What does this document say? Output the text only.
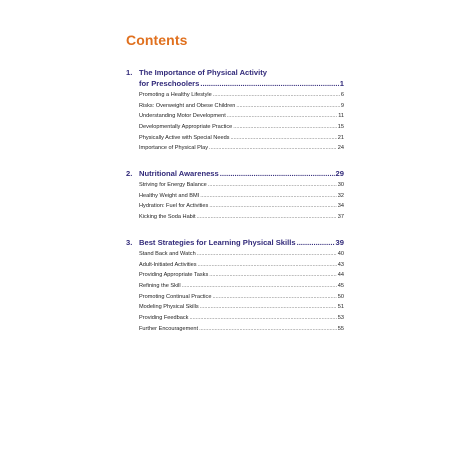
Contents
1. The Importance of Physical Activity
for Preschoolers .....	1
Promoting a Healthy Lifestyle .....	6
Risks: Overweight and Obese Children .....	9
Understanding Motor Development .....	11
Developmentally Appropriate Practice .....	15
Physically Active with Special Needs .....	21
Importance of Physical Play .....	24
2. Nutritional Awareness .....	29
Striving for Energy Balance .....	30
Healthy Weight and BMI .....	32
Hydration: Fuel for Activities .....	34
Kicking the Soda Habit .....	37
3. Best Strategies for Learning Physical Skills .....	39
Stand Back and Watch .....	40
Adult-Initiated Activities .....	43
Providing Appropriate Tasks .....	44
Refining the Skill .....	45
Promoting Continual Practice .....	50
Modeling Physical Skills .....	51
Providing Feedback .....	53
Further Encouragement .....	55
